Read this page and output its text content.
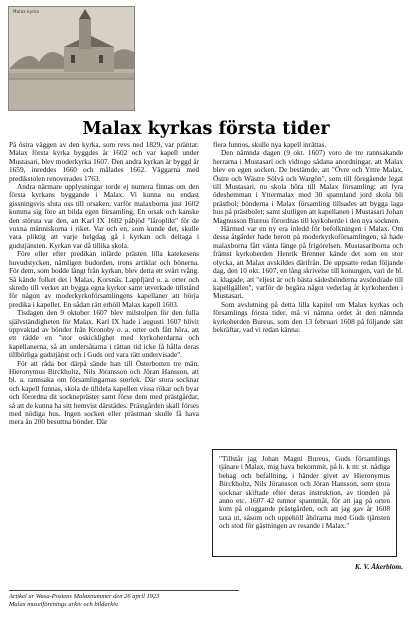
Malax kyrka
Malax kyrkas första tider

På östra väggen av den kyrka, som revs ned 1829, var präntat: Malax första kyrka byggdes år 1602 och var kapell under Mustasari, blev moderkyrka 1607. Den andra kyrkan är byggd år 1659, inreddes 1660 och målades 1662. Väggarna med predikstolen renoverades 1763.

Andra närmare upplysningar torde ej numera finnas om den första kyrkans byggande i Malax. Vi kunna nu endast gissningsvis sluta oss till orsaken, varför malaxborna just 1602 komma sig före att bilda egen församling. En orsak och kanske den största var den, att Karl IX 1602 påbjöd "läroplikt" för de vuxna människorna i riket. Var och en, som kunde det, skulle vara pliktig att varje helgdag gå i kyrkan och deltaga i gudstjänsten. Kyrkan var då tillika skola.

Före eller efter predikan inlärde prästen lilla katekesens huvudstycken, nämligen budorden, trons artiklar och bönerna. För dem, som bodde långt från kyrkan, blev detta ett svårt tvång. Så kände folket det i Malax, Korsnäs. Lappfjärd o. a. orter och skredo till verket att bygga egna kyrkor samt utverkade tillstånd för någon av moderkyrkoförsamlingens kapellaner att börja predika i kapellet. En sådan rätt erhöll Malax kapell 1603.

Tisdagen den 9 oktober 1607 blev milstolpen för den fulla självständigheten för Malax. Karl IX hade i augusti 1607 blivit uppvaktad av bönder från Kronoby o. a. orter och fått höra, att ett rädde en "stor oskicklighet med kyrkoherdarna och kapellanerna, så att undersåtarna i rättan tid icke få hålla deras tillbörliga gudstjänst och i Guds ord vara rätt undervisade".

För att råda bot därpå sände han till Österbotten tre män, Hieronymus Birckholtz, Nils Jöransson och Jöran Hansson, att bl. a. rannsaka om församlingarnas storlek. Där stora socknar och kapell funnas, skola de tilldela kapellen vissa rökar och byar och förordna dit socknepräster samt förse dem med prästgårdar, så att de kunna ha sitt hemvist därstädes. Prästgården skall förses med nödiga hus. Ingen socken eller prästman skulle få hava mera än 200 besuttna bönder. Där

flera funnos, skulle nya kapell inrättas.

Den nämnda dagen (9 okt. 1607) voro de tre rannsakande herrarna i Mustasari och vidtogo sådana anordningar, att Malax blev en egen socken. De bestämde, att "Övre och Yttre Malax, Östre och Wästre Sölvä och Wargön", som till föregående legat till Mustasari, nu skola höra till Malax församling; att fyra ödeshemman i Yttermalax med 30 spannland jord skola bli prästbol; bönderna i Malax församling tillsades att bygga laga hus på prästbolet; samt slutligen att kapellanen i Mustasari Johan Magnusson Bureus förordnas till kyrkoherde i den nya socknen.

Härmed var en ny era inledd för befolkningen i Malax. Om dessa åtgärder hade berott på moderkyrkoförsamlingen, så hade malaxborna fått vänta länge på frigörelsen. Mustasariborna och främst kyrkoherden Henrik Brenner kände det som en stor olycka, att Malax avskildes därifrån. De uppsatte redan följande dag, den 10 okt. 1607, en lång skrivelse till konungen, vari de bl. a. klagade, att "eljest är och bästa sädesbönderna avsöndrade till kapellgällen", varför de begära något vederlag åt kyrkoherden i Mustasari.

Som avslutning på detta lilla kapitel om Malax kyrkas och församlings första tider, må vi nämna ordet åt den nämnda kyrkoherden Bureus, som den 13 februari 1608 på följande sätt bekräftar, vad vi redan känna:

"Tillstår jag Johan Magni Bureus, Guds församlings tjänare i Malax, mig hava bekommit, på h. k m: st. nådiga behag och befallning, i händer givet av Hieronymus Birckholtz, Nils Jöransson och Jöran Hansson, som stora socknar skiftade efter deras instruktion, av tionden på anno etc. 1607 42 tunnor spannmål, för att jag på orten kom på ologgande prästgården, och att jag gav år 1608 taxa ut, såsom och uppehöll åhörarna med Guds tjänsten och stod för gästningen av resande i Malax."
K. V. Åkerblom.
Artikel ur Wasa-Postens Malaxnummer den 26 april 1923
Malax museiförenings arkiv och bildarkiv.
